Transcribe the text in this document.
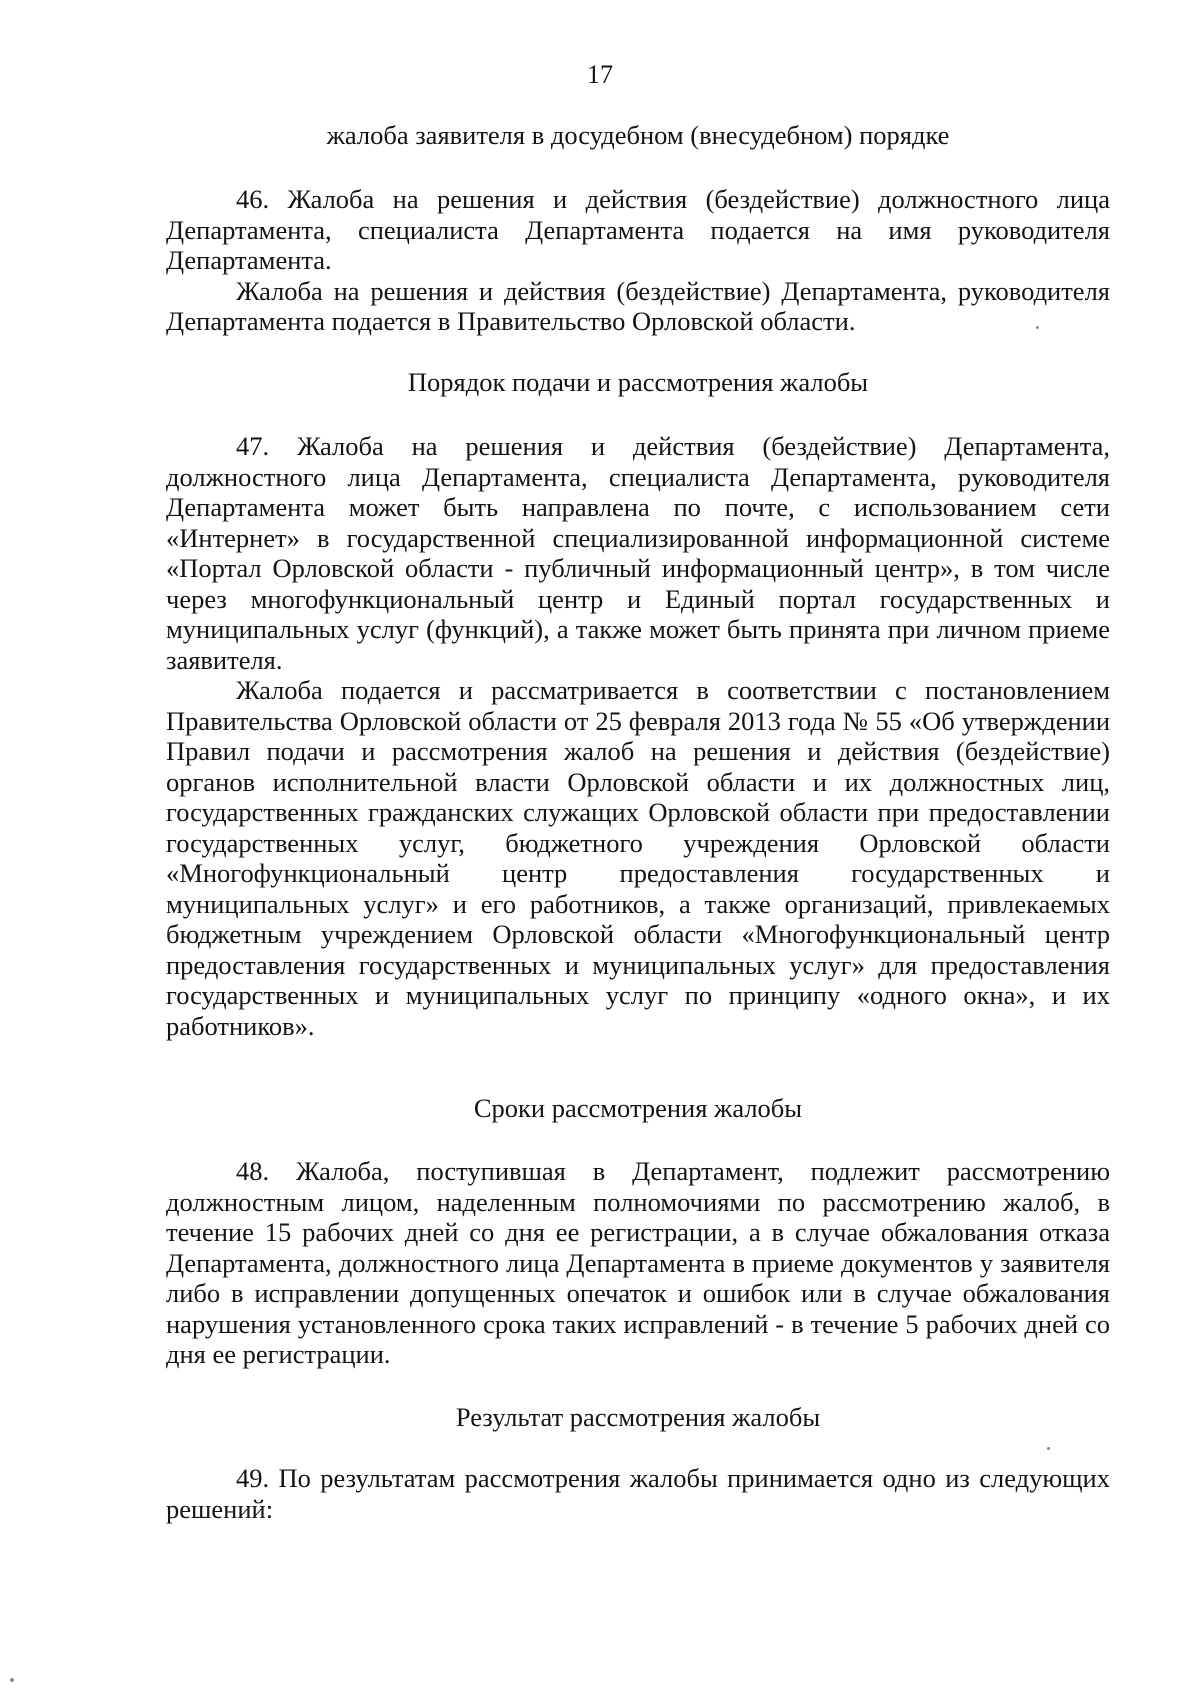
17

жалоба заявителя в досудебном (внесудебном) порядке

46. Жалоба на решения и действия (бездействие) должностного лица Департамента, специалиста Департамента подается на имя руководителя Департамента.

Жалоба на решения и действия (бездействие) Департамента, руководителя Департамента подается в Правительство Орловской области.

Порядок подачи и рассмотрения жалобы

47. Жалоба на решения и действия (бездействие) Департамента, должностного лица Департамента, специалиста Департамента, руководителя Департамента может быть направлена по почте, с использованием сети «Интернет» в государственной специализированной информационной системе «Портал Орловской области - публичный информационный центр», в том числе через многофункциональный центр и Единый портал государственных и муниципальных услуг (функций), а также может быть принята при личном приеме заявителя.

Жалоба подается и рассматривается в соответствии с постановлением Правительства Орловской области от 25 февраля 2013 года № 55 «Об утверждении Правил подачи и рассмотрения жалоб на решения и действия (бездействие) органов исполнительной власти Орловской области и их должностных лиц, государственных гражданских служащих Орловской области при предоставлении государственных услуг, бюджетного учреждения Орловской области «Многофункциональный центр предоставления государственных и муниципальных услуг» и его работников, а также организаций, привлекаемых бюджетным учреждением Орловской области «Многофункциональный центр предоставления государственных и муниципальных услуг» для предоставления государственных и муниципальных услуг по принципу «одного окна», и их работников».

Сроки рассмотрения жалобы

48. Жалоба, поступившая в Департамент, подлежит рассмотрению должностным лицом, наделенным полномочиями по рассмотрению жалоб, в течение 15 рабочих дней со дня ее регистрации, а в случае обжалования отказа Департамента, должностного лица Департамента в приеме документов у заявителя либо в исправлении допущенных опечаток и ошибок или в случае обжалования нарушения установленного срока таких исправлений - в течение 5 рабочих дней со дня ее регистрации.

Результат рассмотрения жалобы

49. По результатам рассмотрения жалобы принимается одно из следующих решений:
